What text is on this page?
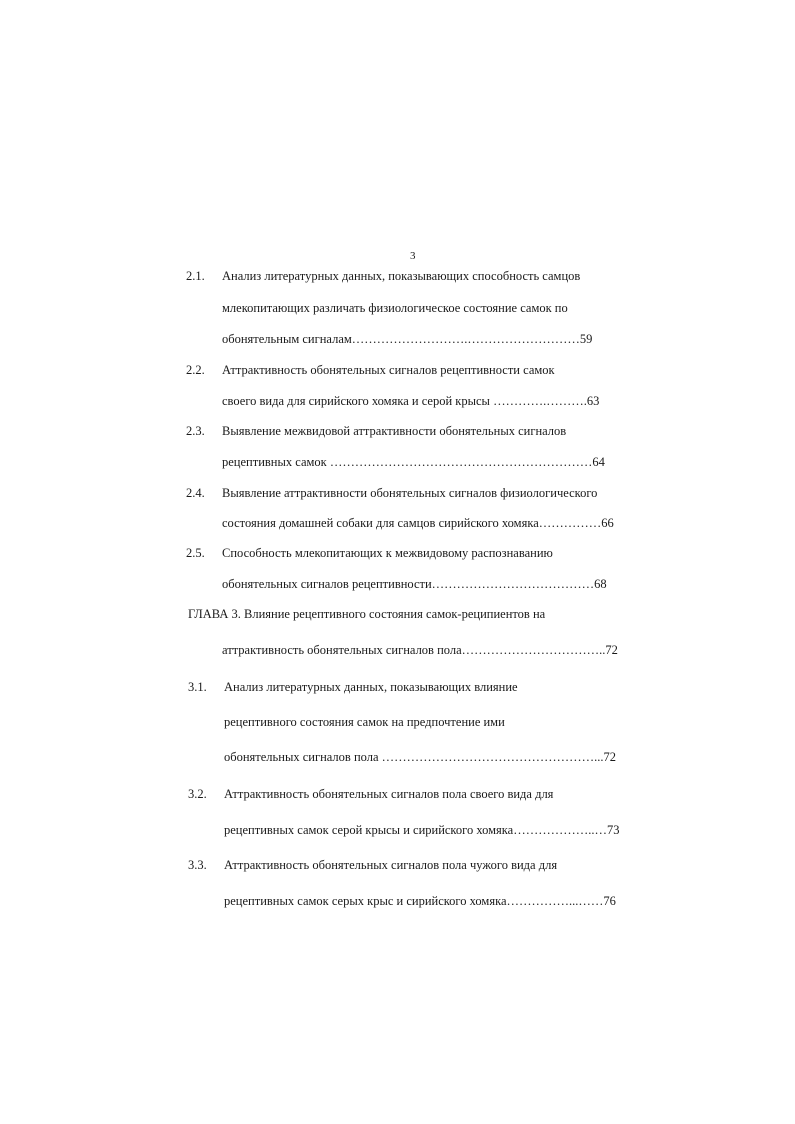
3
2.1. Анализ литературных данных, показывающих способность самцов
млекопитающих различать физиологическое состояние самок по
обонятельным сигналам……………………….………………………59
2.2. Аттрактивность обонятельных сигналов рецептивности самок
своего вида для сирийского хомяка и серой крысы ………….……….63
2.3. Выявление межвидовой аттрактивности обонятельных сигналов
рецептивных самок ………………………………………………………64
2.4. Выявление аттрактивности обонятельных сигналов физиологического
состояния домашней собаки для самцов сирийского хомяка……………66
2.5. Способность млекопитающих к межвидовому распознаванию
обонятельных сигналов рецептивности…………………………………68
ГЛАВА 3. Влияние рецептивного состояния самок-реципиентов на
аттрактивность обонятельных сигналов пола……………………………..72
3.1. Анализ литературных данных, показывающих влияние
рецептивного состояния самок на предпочтение ими
обонятельных сигналов пола ……………………………………………...72
3.2. Аттрактивность обонятельных сигналов пола своего вида для
рецептивных самок серой крысы и сирийского хомяка………………..…73
3.3. Аттрактивность обонятельных сигналов пола чужого вида для
рецептивных самок серых крыс и сирийского хомяка……………...……76
